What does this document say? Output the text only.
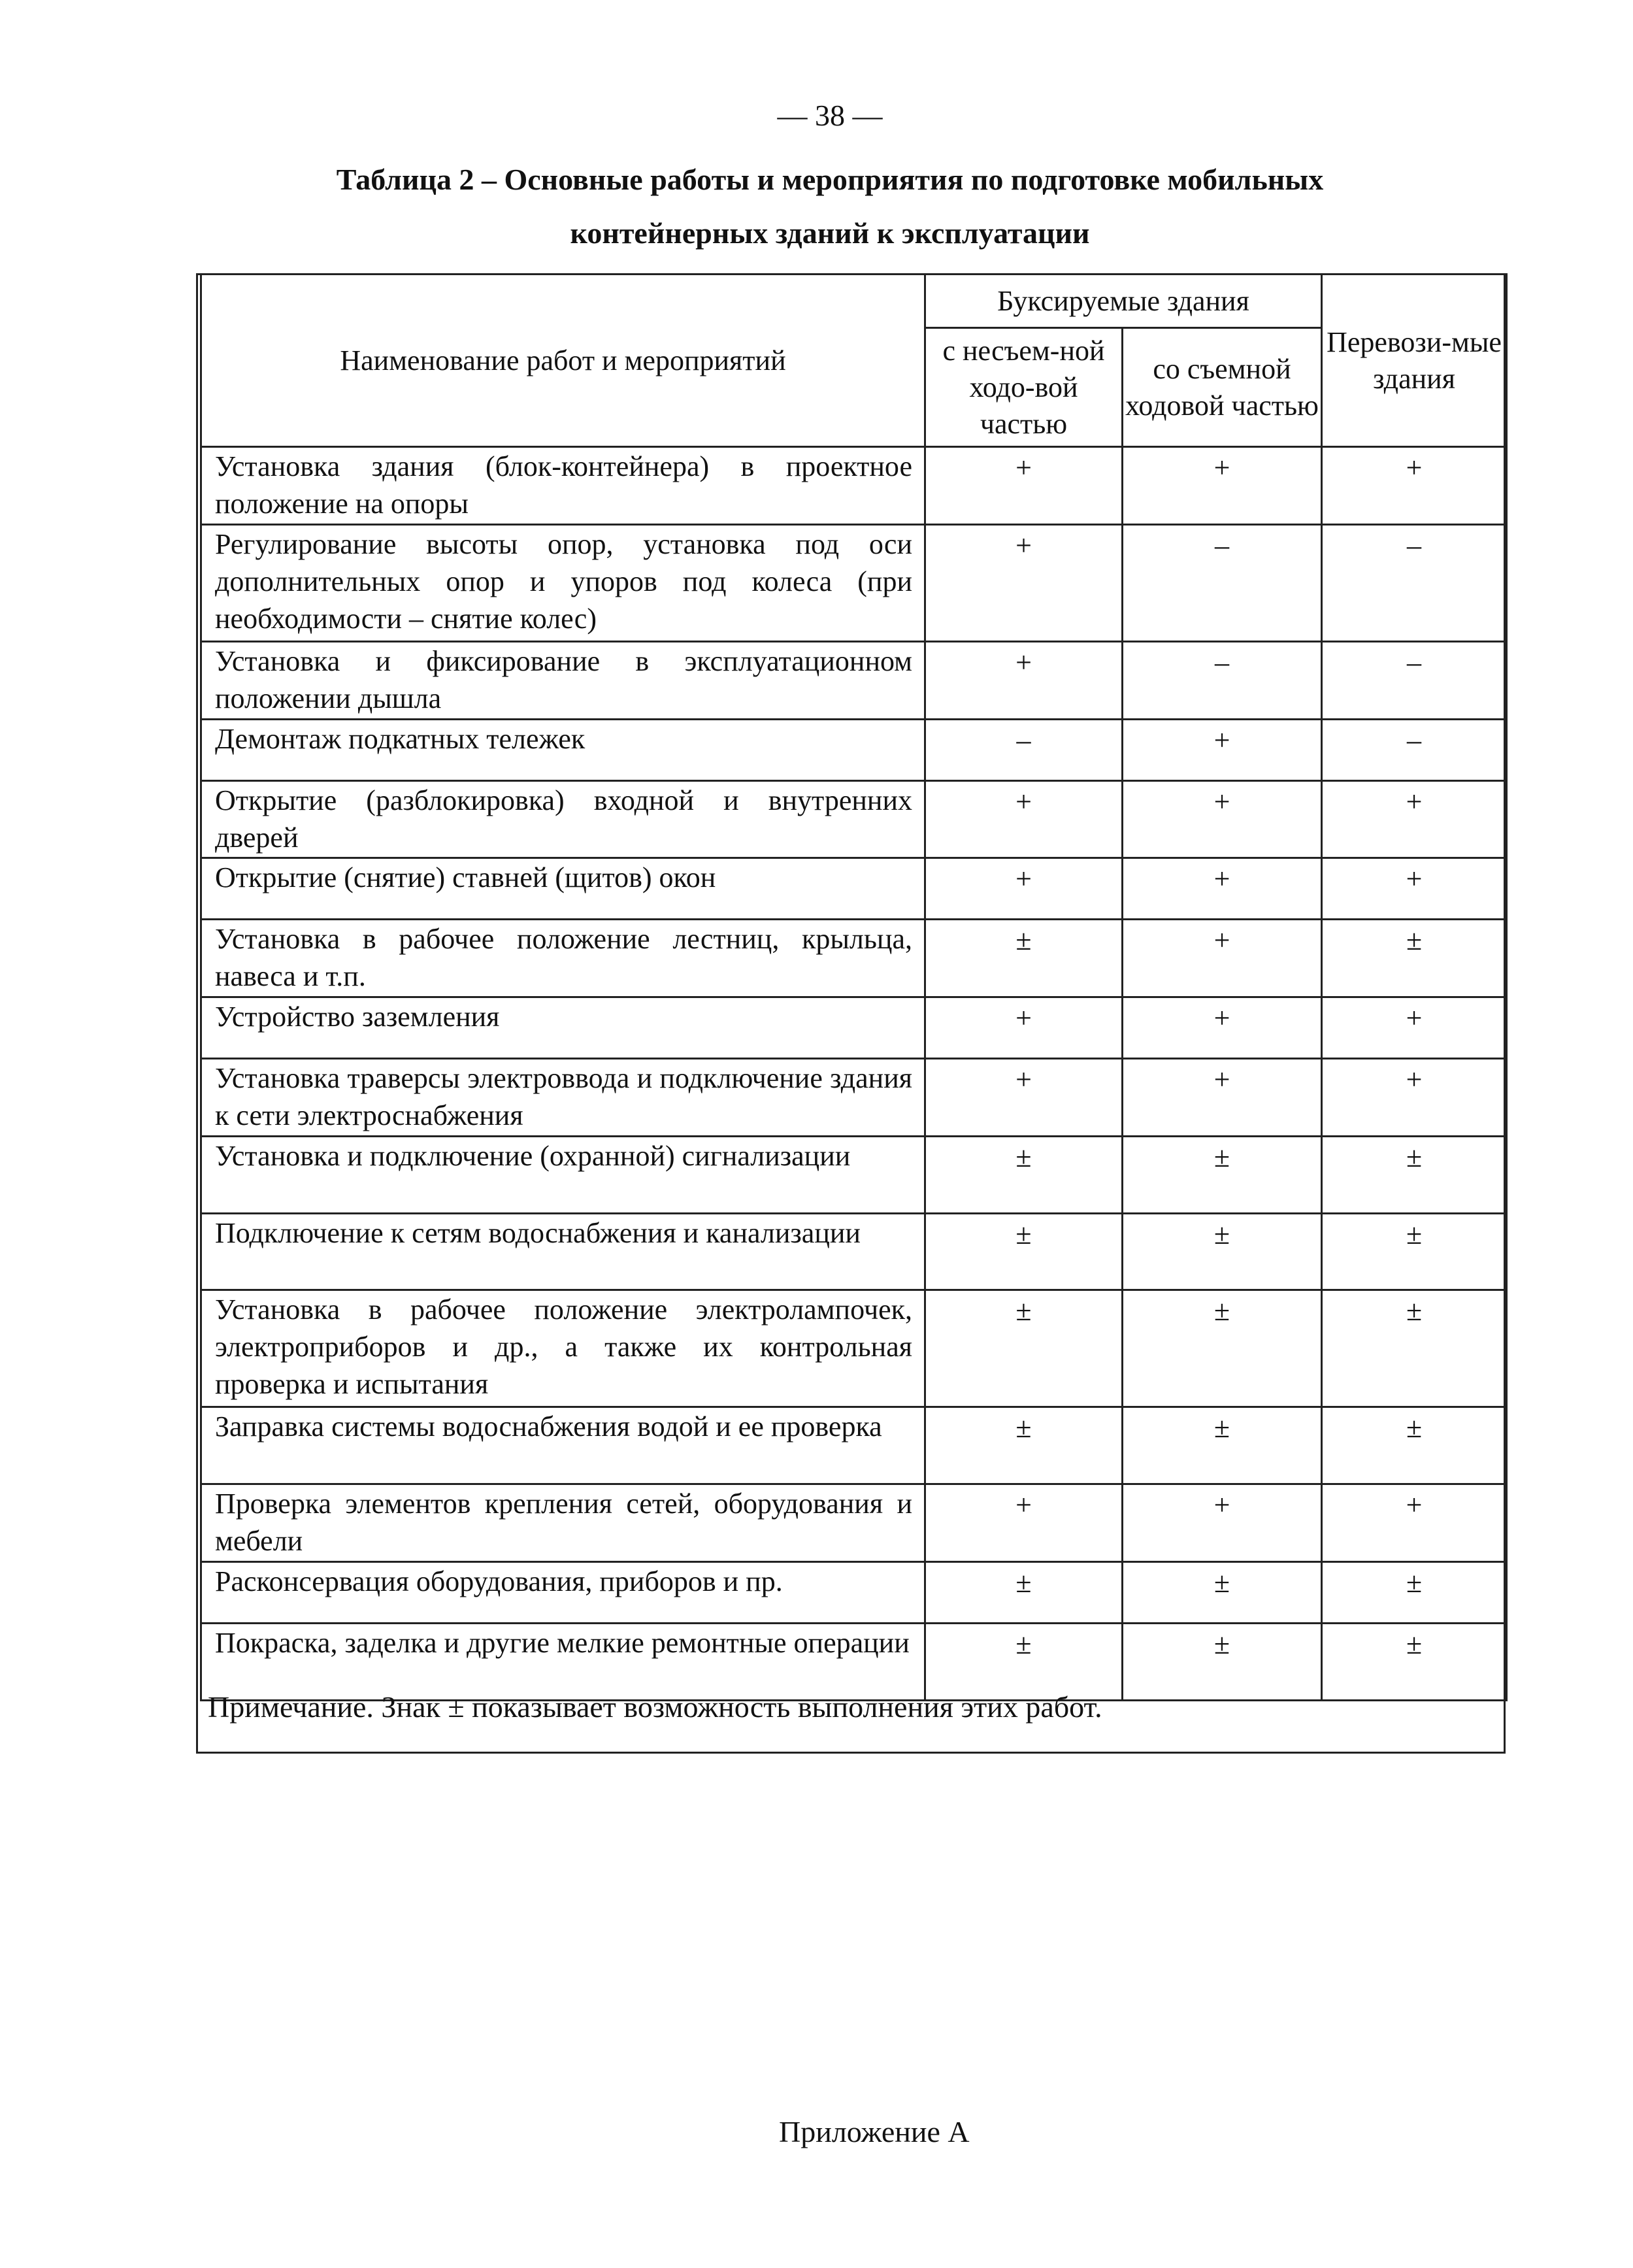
— 38 —
Таблица 2 – Основные работы и мероприятия по подготовке мобильных
контейнерных зданий к эксплуатации
Наименование работ и мероприятий	Буксируемые здания		Перевози-мые здания
	с несъем-ной ходо-вой частью	со съемной ходовой частью	
Установка здания (блок-контейнера) в проектное положение на опоры	+	+	+
Регулирование высоты опор, установка под оси дополнительных опор и упоров под колеса (при необходимости – снятие колес)	+	–	–
Установка и фиксирование в эксплуатационном положении дышла	+	–	–
Демонтаж подкатных тележек	–	+	–
Открытие (разблокировка) входной и внутренних дверей	+	+	+
Открытие (снятие) ставней (щитов) окон	+	+	+
Установка в рабочее положение лестниц, крыльца, навеса и т.п.	±	+	±
Устройство заземления	+	+	+
Установка траверсы электроввода и подключение здания к сети электроснабжения	+	+	+
Установка и подключение (охранной) сигнализации	±	±	±
Подключение к сетям водоснабжения и канализации	±	±	±
Установка в рабочее положение электролампочек, электроприборов и др., а также их контрольная проверка и испытания	±	±	±
Заправка системы водоснабжения водой и ее проверка	±	±	±
Проверка элементов крепления сетей, оборудования и мебели	+	+	+
Расконсервация оборудования, приборов и пр.	±	±	±
Покраска, заделка и другие мелкие ремонтные операции	±	±	±
Примечание. Знак ± показывает возможность выполнения этих работ.
Приложение А
